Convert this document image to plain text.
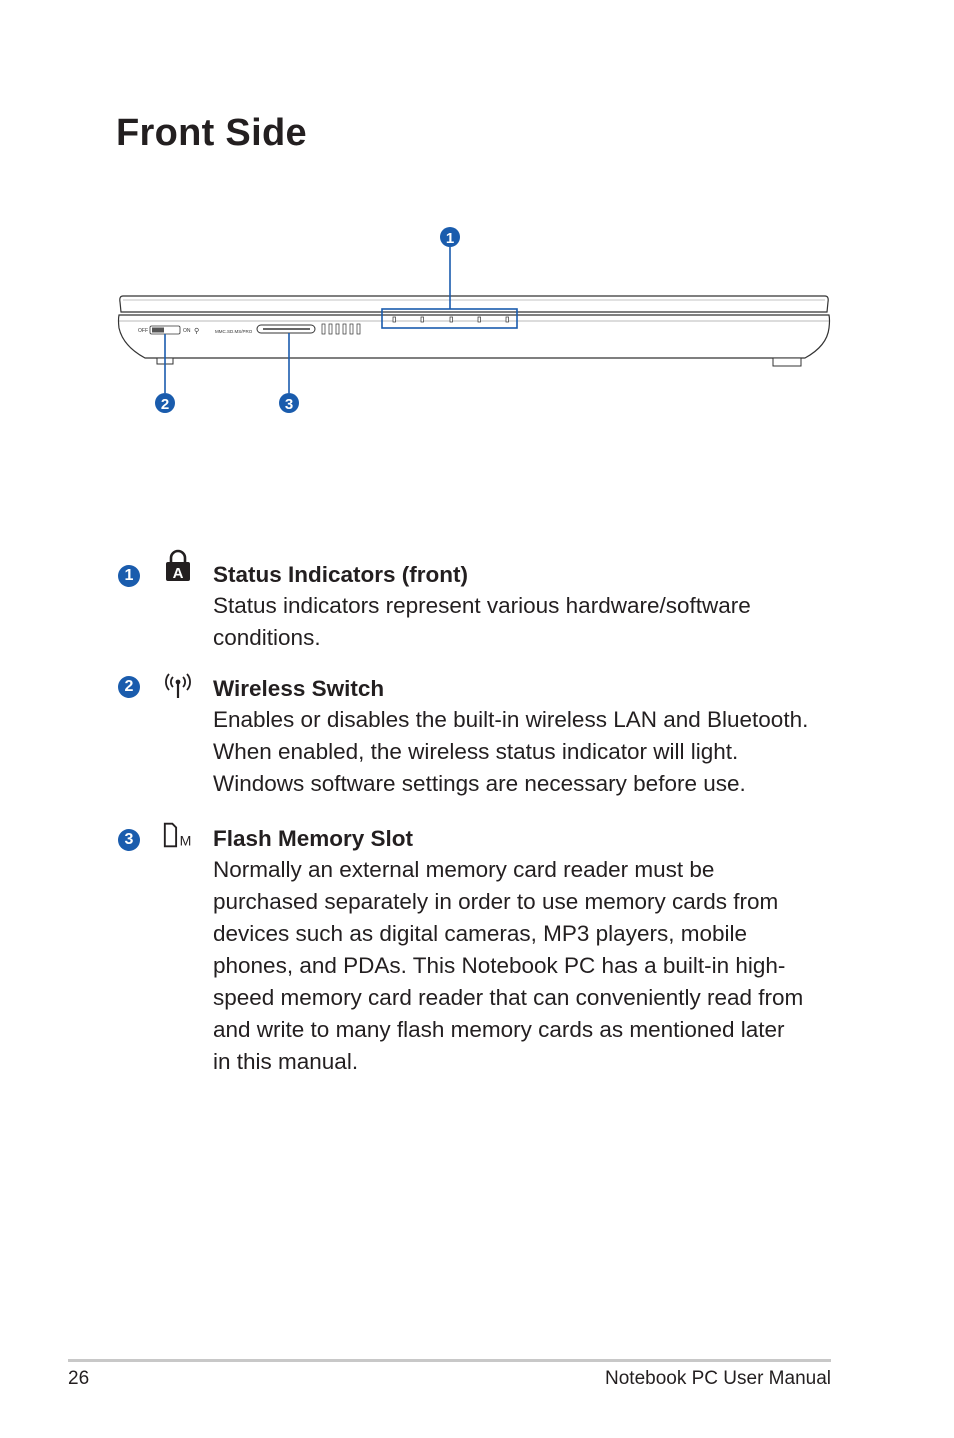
Front Side
OFF	ON ⚲	MMC.SD.MS/PRO
1
2	3
1	A Status Indicators (front)
Status indicators represent various hardware/software
conditions.
2	Wireless Switch
Enables or disables the built-in wireless LAN and Bluetooth.
When enabled, the wireless status indicator will light.
Windows software settings are necessary before use.
3	M Flash Memory Slot
Normally an external memory card reader must be
purchased separately in order to use memory cards from
devices such as digital cameras, MP3 players, mobile
phones, and PDAs. This Notebook PC has a built-in high-
speed memory card reader that can conveniently read from
and write to many flash memory cards as mentioned later
in this manual.
26	Notebook PC User Manual
